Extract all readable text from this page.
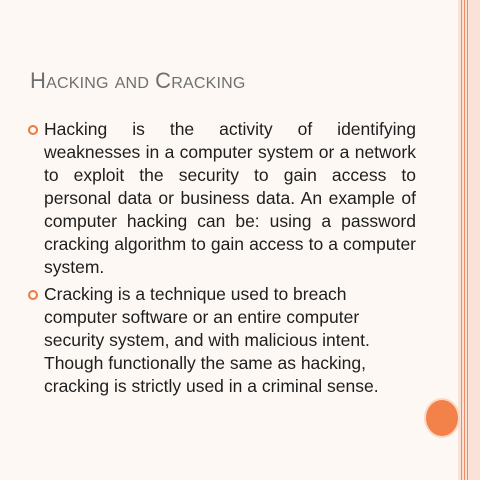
HACKING AND CRACKING
Hacking is the activity of identifying weaknesses in a computer system or a network to exploit the security to gain access to personal data or business data. An example of computer hacking can be: using a password cracking algorithm to gain access to a computer system.
Cracking is a technique used to breach computer software or an entire computer security system, and with malicious intent. Though functionally the same as hacking, cracking is strictly used in a criminal sense.
